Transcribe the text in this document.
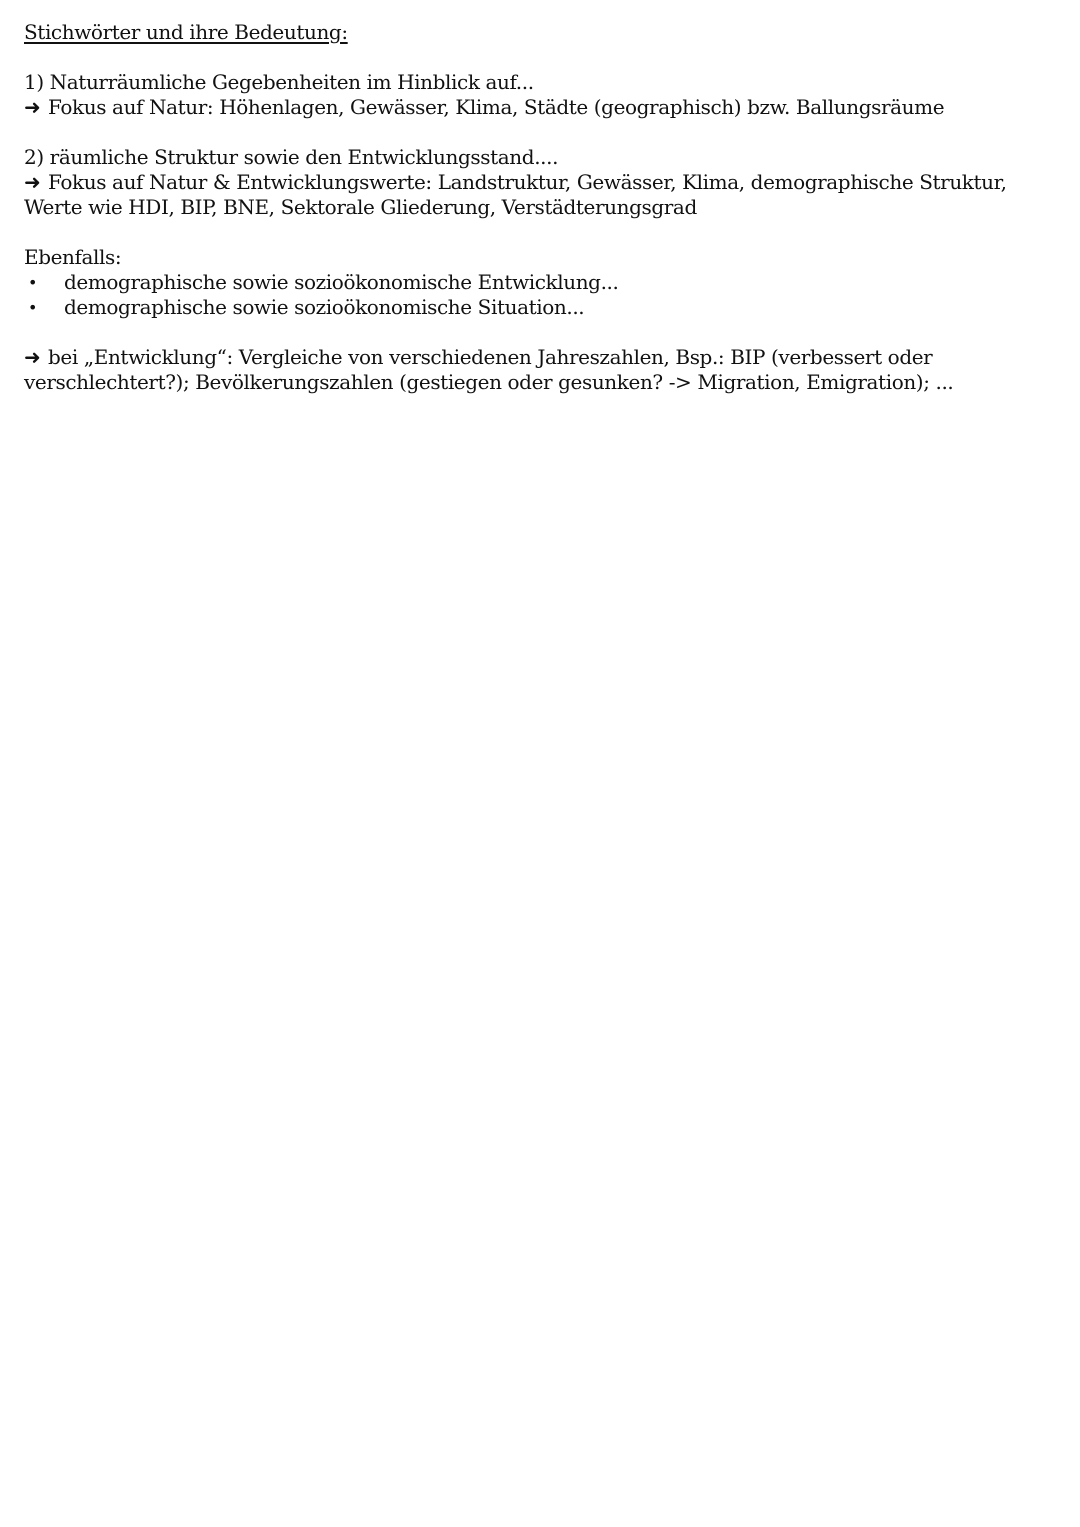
Stichwörter und ihre Bedeutung:

1) Naturräumliche Gegebenheiten im Hinblick auf...

➜ Fokus auf Natur: Höhenlagen, Gewässer, Klima, Städte (geographisch) bzw. Ballungsräume

2) räumliche Struktur sowie den Entwicklungsstand....

➜ Fokus auf Natur & Entwicklungswerte: Landstruktur, Gewässer, Klima, demographische Struktur, Werte wie HDI, BIP, BNE, Sektorale Gliederung, Verstädterungsgrad

Ebenfalls:

• demographische sowie sozioökonomische Entwicklung...
• demographische sowie sozioökonomische Situation...

➜ bei „Entwicklung“: Vergleiche von verschiedenen Jahreszahlen, Bsp.: BIP (verbessert oder verschlechtert?); Bevölkerungszahlen (gestiegen oder gesunken? -> Migration, Emigration); ...
